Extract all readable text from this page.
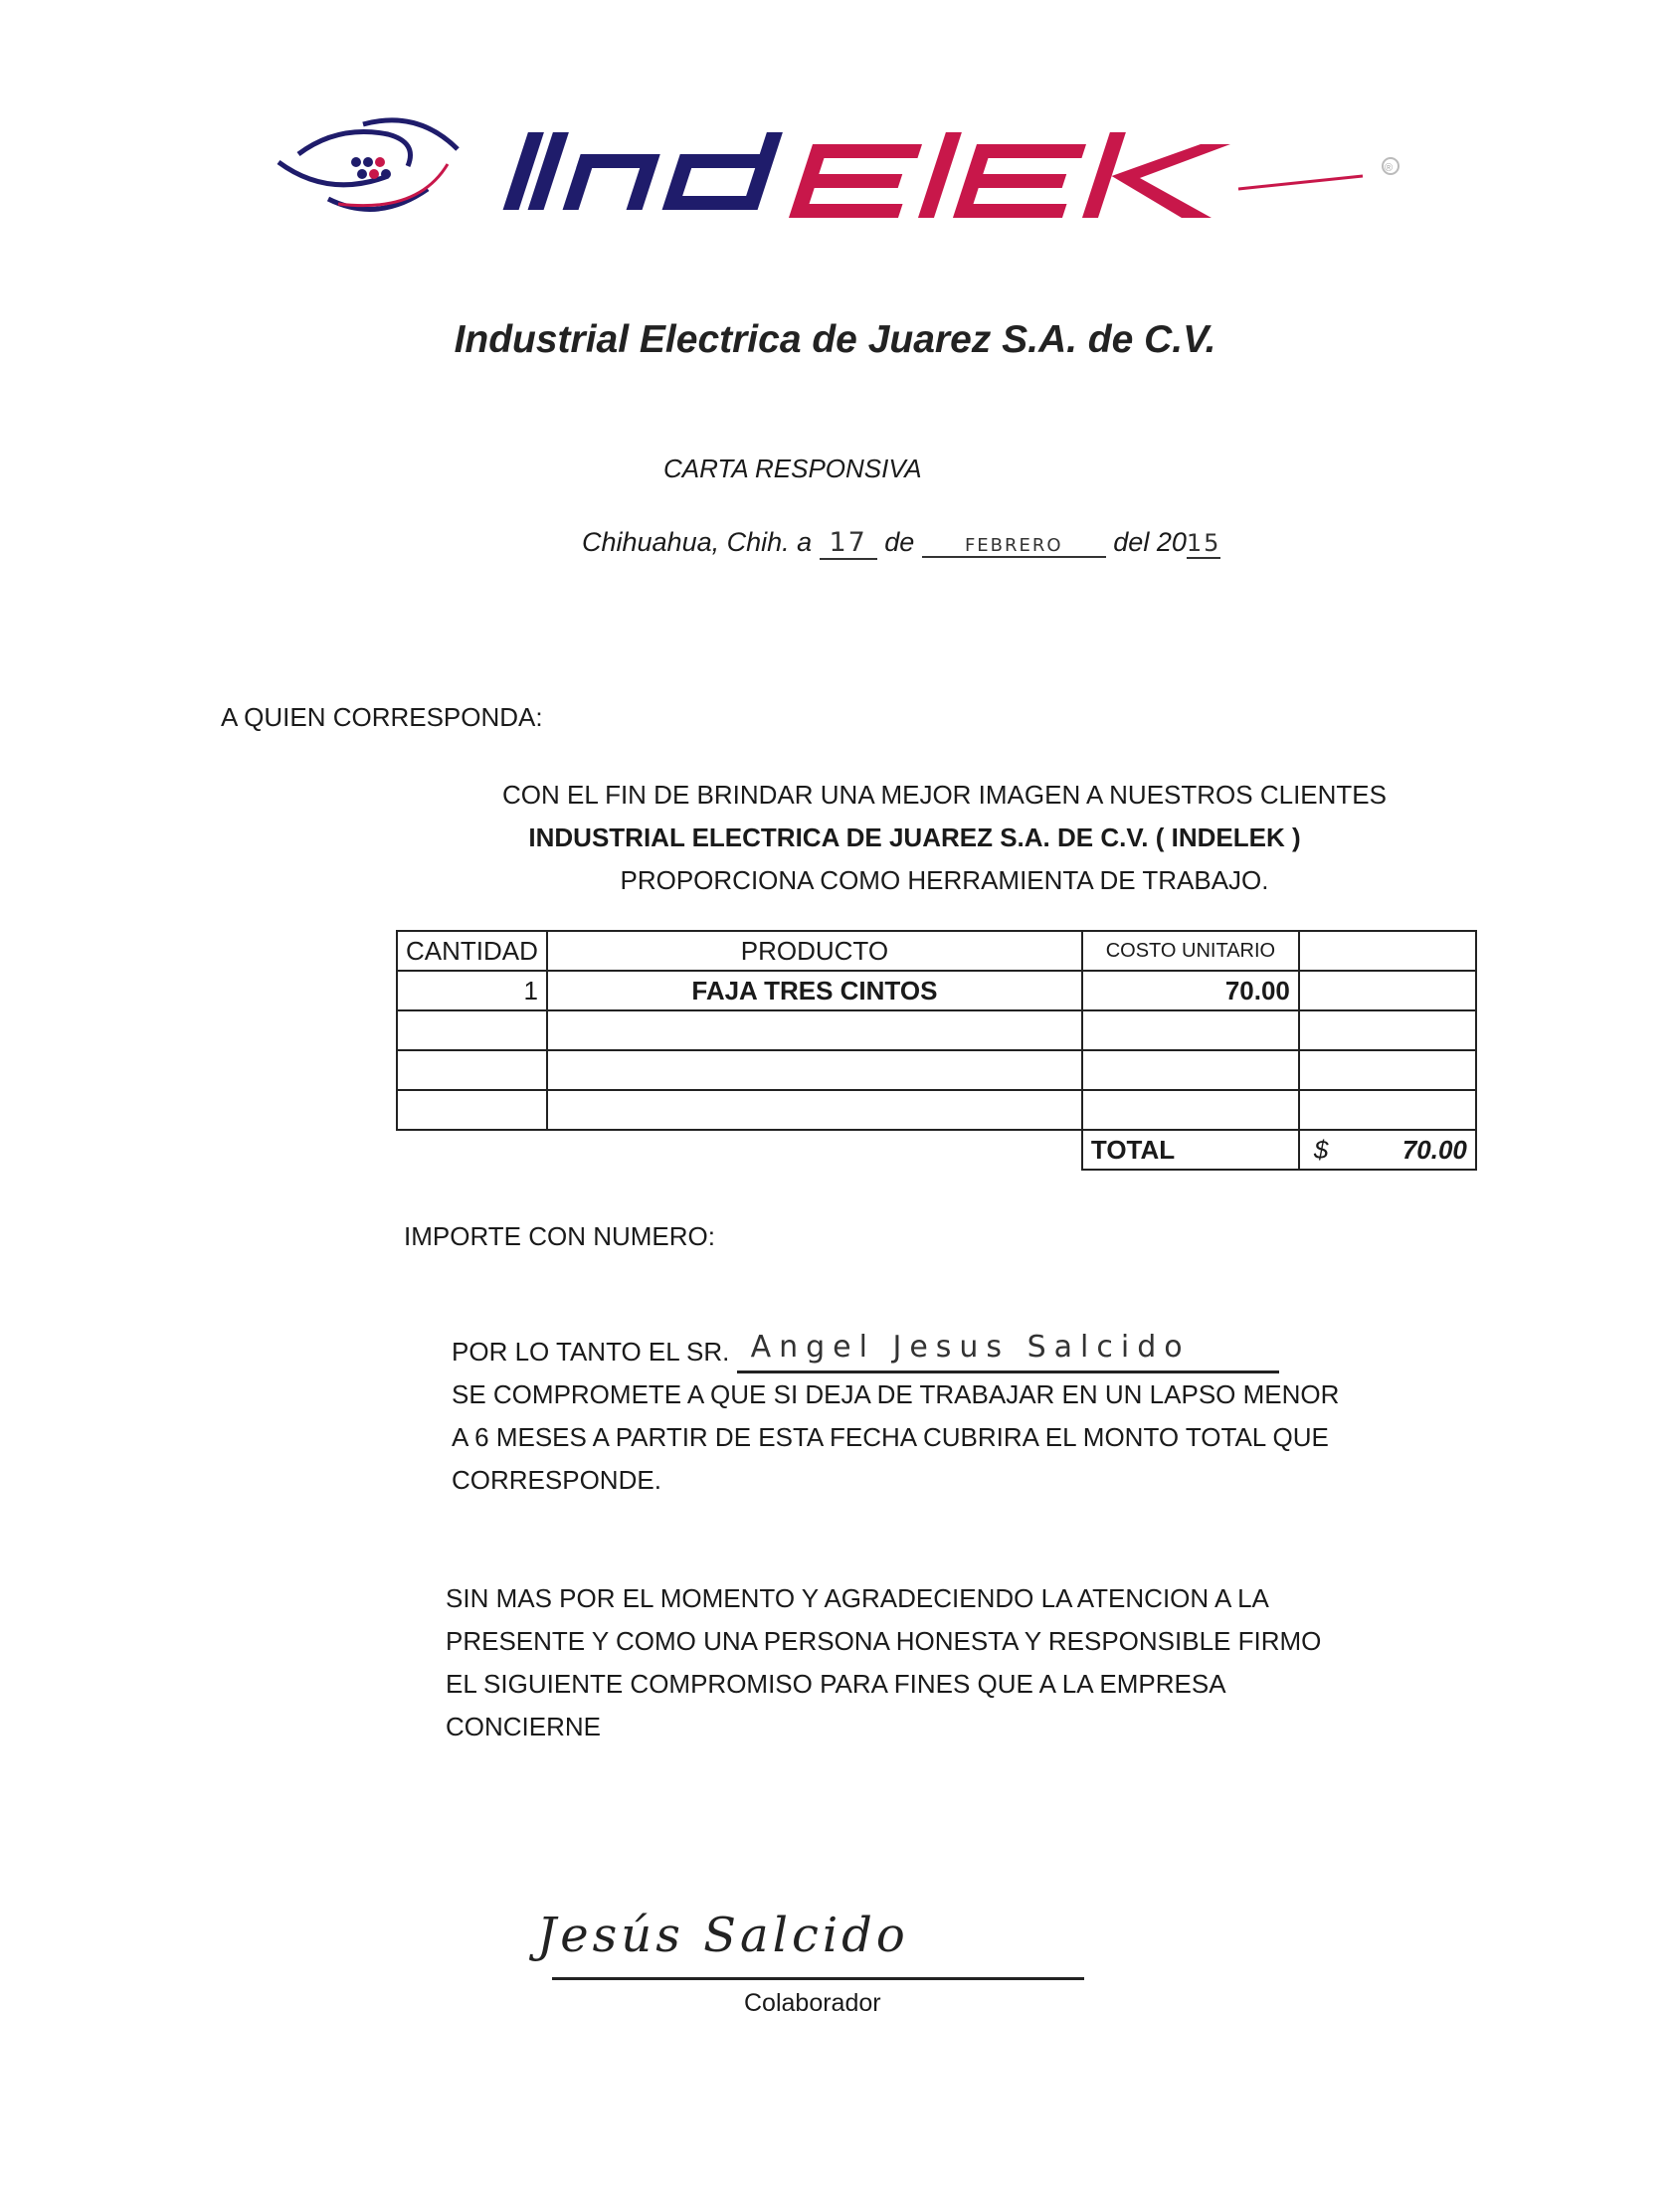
®
Industrial Electrica de Juarez S.A. de C.V.
CARTA RESPONSIVA
Chihuahua, Chih. a 17 de	FEBRERO del 2015
A QUIEN CORRESPONDA:
CON EL FIN DE BRINDAR UNA MEJOR IMAGEN A NUESTROS CLIENTES
INDUSTRIAL ELECTRICA DE JUAREZ S.A. DE C.V. ( INDELEK )
PROPORCIONA COMO HERRAMIENTA DE TRABAJO.
CANTIDAD	PRODUCTO	COSTO UNITARIO	
1	FAJA TRES CINTOS	70.00	

		TOTAL	$ 70.00
IMPORTE CON NUMERO:
POR LO TANTO EL SR. Angel Jesus Salcido
SE COMPROMETE A QUE SI DEJA DE TRABAJAR EN UN LAPSO MENOR
A 6 MESES A PARTIR DE ESTA FECHA CUBRIRA EL MONTO TOTAL QUE
CORRESPONDE.
SIN MAS POR EL MOMENTO Y AGRADECIENDO LA ATENCION A LA
PRESENTE Y COMO UNA PERSONA HONESTA Y RESPONSIBLE FIRMO
EL SIGUIENTE COMPROMISO PARA FINES QUE A LA EMPRESA
CONCIERNE
Jesús Salcido
Colaborador
